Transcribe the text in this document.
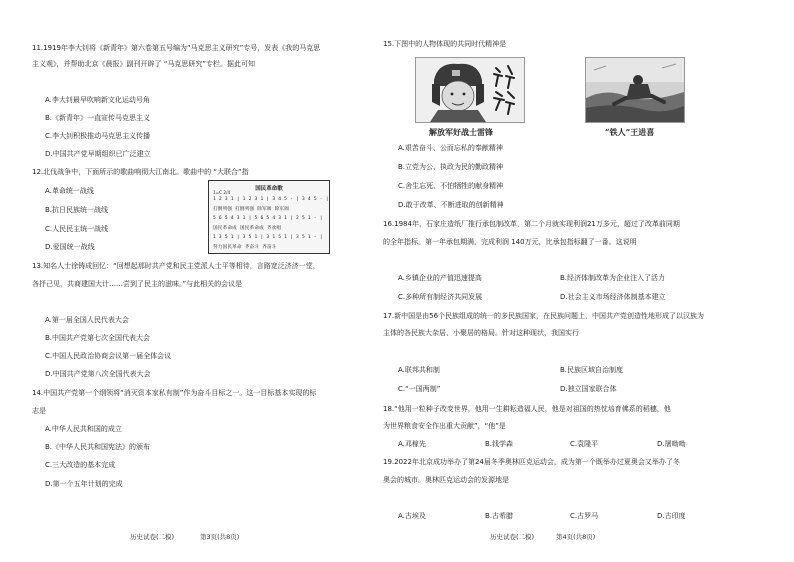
11.1919年李大钊将《新青年》第六卷第五号编为“马克思主义研究”专号，发表《我的马克思
主义观》，并帮助北京《晨报》副刊开辟了 “马克思研究”专栏。据此可知
A.李大钊最早吹响新文化运动号角
B.《新青年》一直宣传马克思主义
C.李大钊积极推动马克思主义传播
D.中国共产党早期组织已广泛建立
12.北伐战争中，下面所示的歌曲响彻大江南北。歌曲中的 “大联合”指
A.革命统一战线
B.抗日民族统一战线
C.人民民主统一战线
D.爱国统一战线
国民革命歌
1=C 2/4
1 2 3 1 | 1 2 3 1 | 3 4 5 - | 3 4 5 - |
打倒列强 打倒列强 除军阀 除军阀
5 6 5 4 3 1 | 5 6 5 4 3 1 | 2 5 1 - |
国民革命成 国民革命成 齐欢唱
1 3 5 1 | 3 5 1 | 3 1 5 1 | 3 5 1 - |
努力国民革命 齐奋斗 齐奋斗
13.知名人士徐铸成回忆：“回想起那时共产党和民主党派人士平等相待，言路宽泛济济一堂，
各抒己见，共商建国大计……尝到了民主的滋味。”与此相关的会议是
A.第一届全国人民代表大会
B.中国共产党第七次全国代表大会
C.中国人民政治协商会议第一届全体会议
D.中国共产党第八次全国代表大会
14.中国共产党第一个纲领将“消灭资本家私有制”作为奋斗目标之一。这一目标基本实现的标
志是
A.中华人民共和国的成立
B.《中华人民共和国宪法》的颁布
C.三大改造的基本完成
D.第一个五年计划的完成
历史试卷(二模)	第3页(共8页)
15.下图中的人物体现的共同时代精神是
解放军好战士雷锋	“铁人”王进喜
A.艰苦奋斗、公而忘私的奉献精神
B.立党为公、执政为民的勤政精神
C.舍生忘死、不怕牺牲的献身精神
D.敢于改革、不断进取的创新精神
16.1984年，石家庄造纸厂推行承包制改革，第二个月就实现利润21万多元，超过了改革前同期
的全年指标。第一年承包期满，完成利润 140万元，比承包指标翻了一番。这说明
A.乡镇企业的产值迅速提高	B.经济体制改革为企业注入了活力
C.多种所有制经济共同发展	D.社会主义市场经济体制基本建立
17.新中国是由56个民族组成的统一的多民族国家，在民族问题上，中国共产党创造性地形成了以汉族为
主体的各民族大杂居、小聚居的格局。针对这种现状，我国实行
A.联邦共和制	B.民族区域自治制度
C.“一国两制”	D.独立国家联合体
18.“他用一粒种子改变世界，他用一生耕耘造福人民，他是对祖国的热忱培育佛系的稻穗，他
为世界粮食安全作出重大贡献”，“他”是
A.邓稼先	B.钱学森	C.袁隆平	D.屠呦呦
19.2022年北京成功举办了第24届冬季奥林匹克运动会，成为第一个既举办过夏奥会又举办了冬
奥会的城市。奥林匹克运动会的发源地是
A.古埃及	B.古希腊	C.古罗马	D.古印度
历史试卷(二模)	第4页(共8页)
